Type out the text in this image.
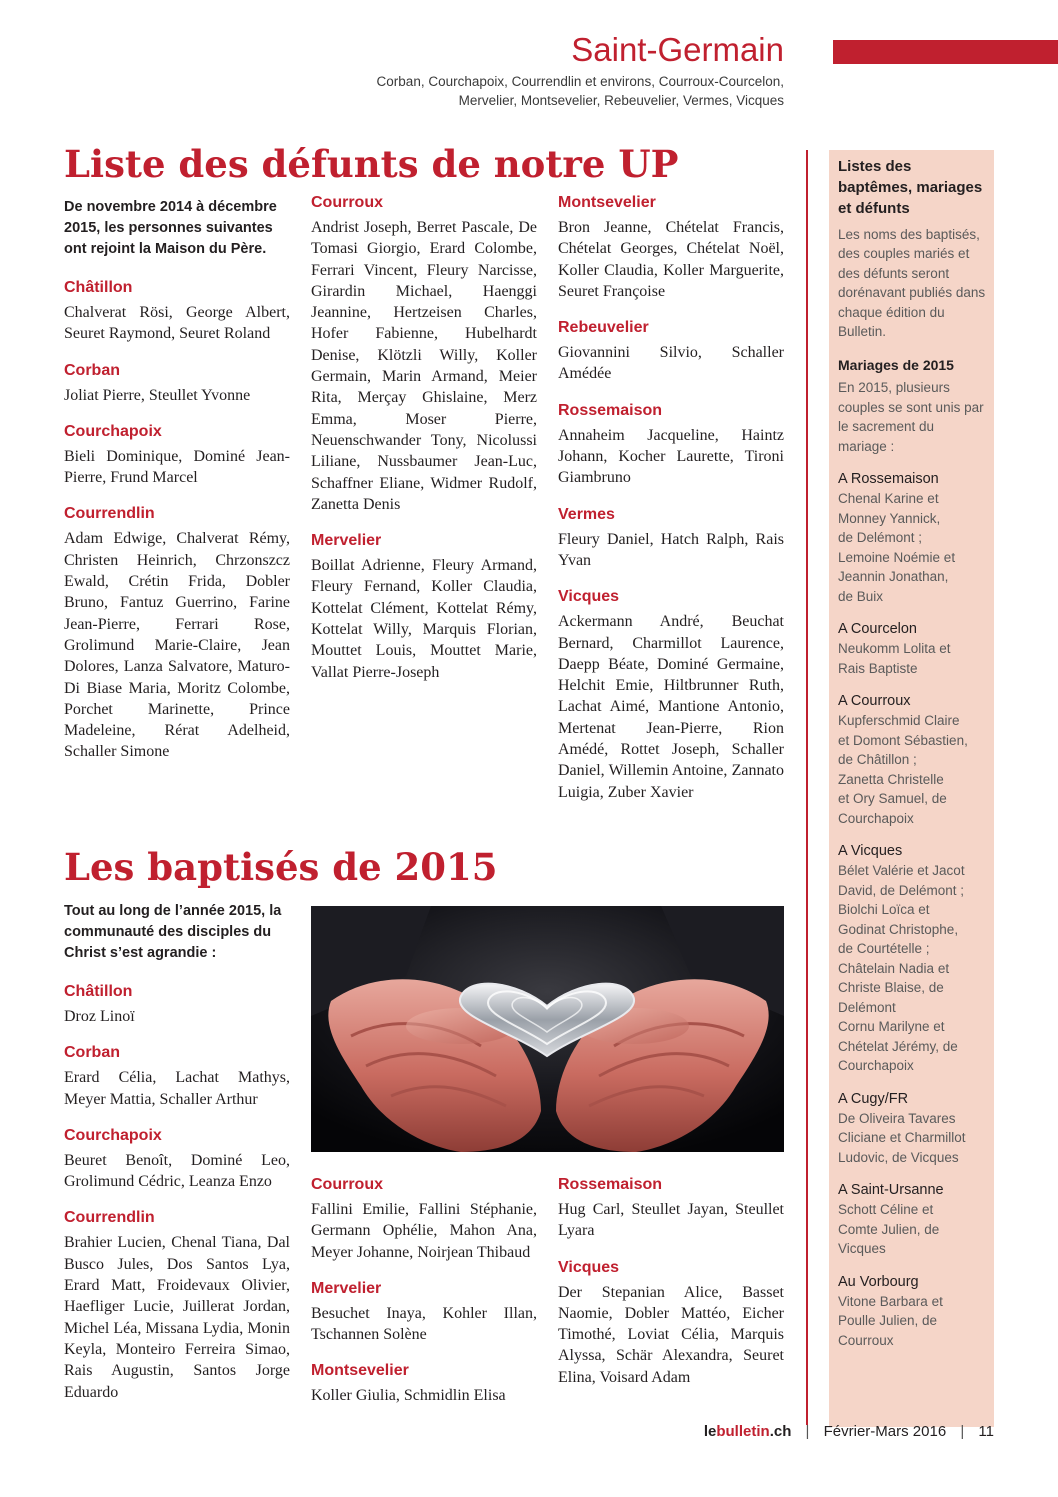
Saint-Germain
Corban, Courchapoix, Courrendlin et environs, Courroux-Courcelon,
Mervelier, Montsevelier, Rebeuvelier, Vermes, Vicques
Liste des défunts de notre UP
De novembre 2014 à décembre 2015, les personnes suivantes ont rejoint la Maison du Père.
Châtillon
Chalverat Rösi, George Albert, Seuret Raymond, Seuret Roland
Corban
Joliat Pierre, Steullet Yvonne
Courchapoix
Bieli Dominique, Dominé Jean-Pierre, Frund Marcel
Courrendlin
Adam Edwige, Chalverat Rémy, Christen Heinrich, Chrzonszcz Ewald, Crétin Frida, Dobler Bruno, Fantuz Guerrino, Farine Jean-Pierre, Ferrari Rose, Grolimund Marie-Claire, Jean Dolores, Lanza Salvatore, Maturo-Di Biase Maria, Moritz Colombe, Porchet Marinette, Prince Madeleine, Rérat Adelheid, Schaller Simone
Courroux
Andrist Joseph, Berret Pascale, De Tomasi Giorgio, Erard Colombe, Ferrari Vincent, Fleury Narcisse, Girardin Michael, Haenggi Jeannine, Hertzeisen Charles, Hofer Fabienne, Hubelhardt Denise, Klötzli Willy, Koller Germain, Marin Armand, Meier Rita, Merçay Ghislaine, Merz Emma, Moser Pierre, Neuenschwander Tony, Nicolussi Liliane, Nussbaumer Jean-Luc, Schaffner Eliane, Widmer Rudolf, Zanetta Denis
Mervelier
Boillat Adrienne, Fleury Armand, Fleury Fernand, Koller Claudia, Kottelat Clément, Kottelat Rémy, Kottelat Willy, Marquis Florian, Mouttet Louis, Mouttet Marie, Vallat Pierre-Joseph
Montsevelier
Bron Jeanne, Chételat Francis, Chételat Georges, Chételat Noël, Koller Claudia, Koller Marguerite, Seuret Françoise
Rebeuvelier
Giovannini Silvio, Schaller Amédée
Rossemaison
Annaheim Jacqueline, Haintz Johann, Kocher Laurette, Tironi Giambruno
Vermes
Fleury Daniel, Hatch Ralph, Rais Yvan
Vicques
Ackermann André, Beuchat Bernard, Charmillot Laurence, Daepp Béate, Dominé Germaine, Helchit Emie, Hiltbrunner Ruth, Lachat Aimé, Mantione Antonio, Mertenat Jean-Pierre, Rion Amédé, Rottet Joseph, Schaller Daniel, Willemin Antoine, Zannato Luigia, Zuber Xavier
Les baptisés de 2015
Tout au long de l’année 2015, la communauté des disciples du Christ s’est agrandie :
Châtillon
Droz Linoï
Corban
Erard Célia, Lachat Mathys, Meyer Mattia, Schaller Arthur
Courchapoix
Beuret Benoît, Dominé Leo, Grolimund Cédric, Leanza Enzo
Courrendlin
Brahier Lucien, Chenal Tiana, Dal Busco Jules, Dos Santos Lya, Erard Matt, Froidevaux Olivier, Haefliger Lucie, Juillerat Jordan, Michel Léa, Missana Lydia, Monin Keyla, Monteiro Ferreira Simao, Rais Augustin, Santos Jorge Eduardo
Courroux
Fallini Emilie, Fallini Stéphanie, Germann Ophélie, Mahon Ana, Meyer Johanne, Noirjean Thibaud
Mervelier
Besuchet Inaya, Kohler Illan, Tschannen Solène
Montsevelier
Koller Giulia, Schmidlin Elisa
Rossemaison
Hug Carl, Steullet Jayan, Steullet Lyara
Vicques
Der Stepanian Alice, Basset Naomie, Dobler Mattéo, Eicher Timothé, Loviat Célia, Marquis Alyssa, Schär Alexandra, Seuret Elina, Voisard Adam
Listes des baptêmes, mariages et défunts
Les noms des baptisés, des couples mariés et des défunts seront dorénavant publiés dans chaque édition du Bulletin.
Mariages de 2015
En 2015, plusieurs couples se sont unis par le sacrement du mariage :
A Rossemaison
Chenal Karine et
Monney Yannick,
de Delémont ;
Lemoine Noémie et
Jeannin Jonathan,
de Buix
A Courcelon
Neukomm Lolita et
Rais Baptiste
A Courroux
Kupferschmid Claire
et Domont Sébastien,
de Châtillon ;
Zanetta Christelle
et Ory Samuel, de
Courchapoix
A Vicques
Bélet Valérie et Jacot
David, de Delémont ;
Biolchi Loïca et
Godinat Christophe,
de Courtételle ;
Châtelain Nadia et
Christe Blaise, de
Delémont
Cornu Marilyne et
Chételat Jérémy, de
Courchapoix
A Cugy/FR
De Oliveira Tavares
Cliciane et Charmillot
Ludovic, de Vicques
A Saint-Ursanne
Schott Céline et
Comte Julien, de
Vicques
Au Vorbourg
Vitone Barbara et
Poulle Julien, de
Courroux
lebulletin.ch | Février-Mars 2016 | 11
